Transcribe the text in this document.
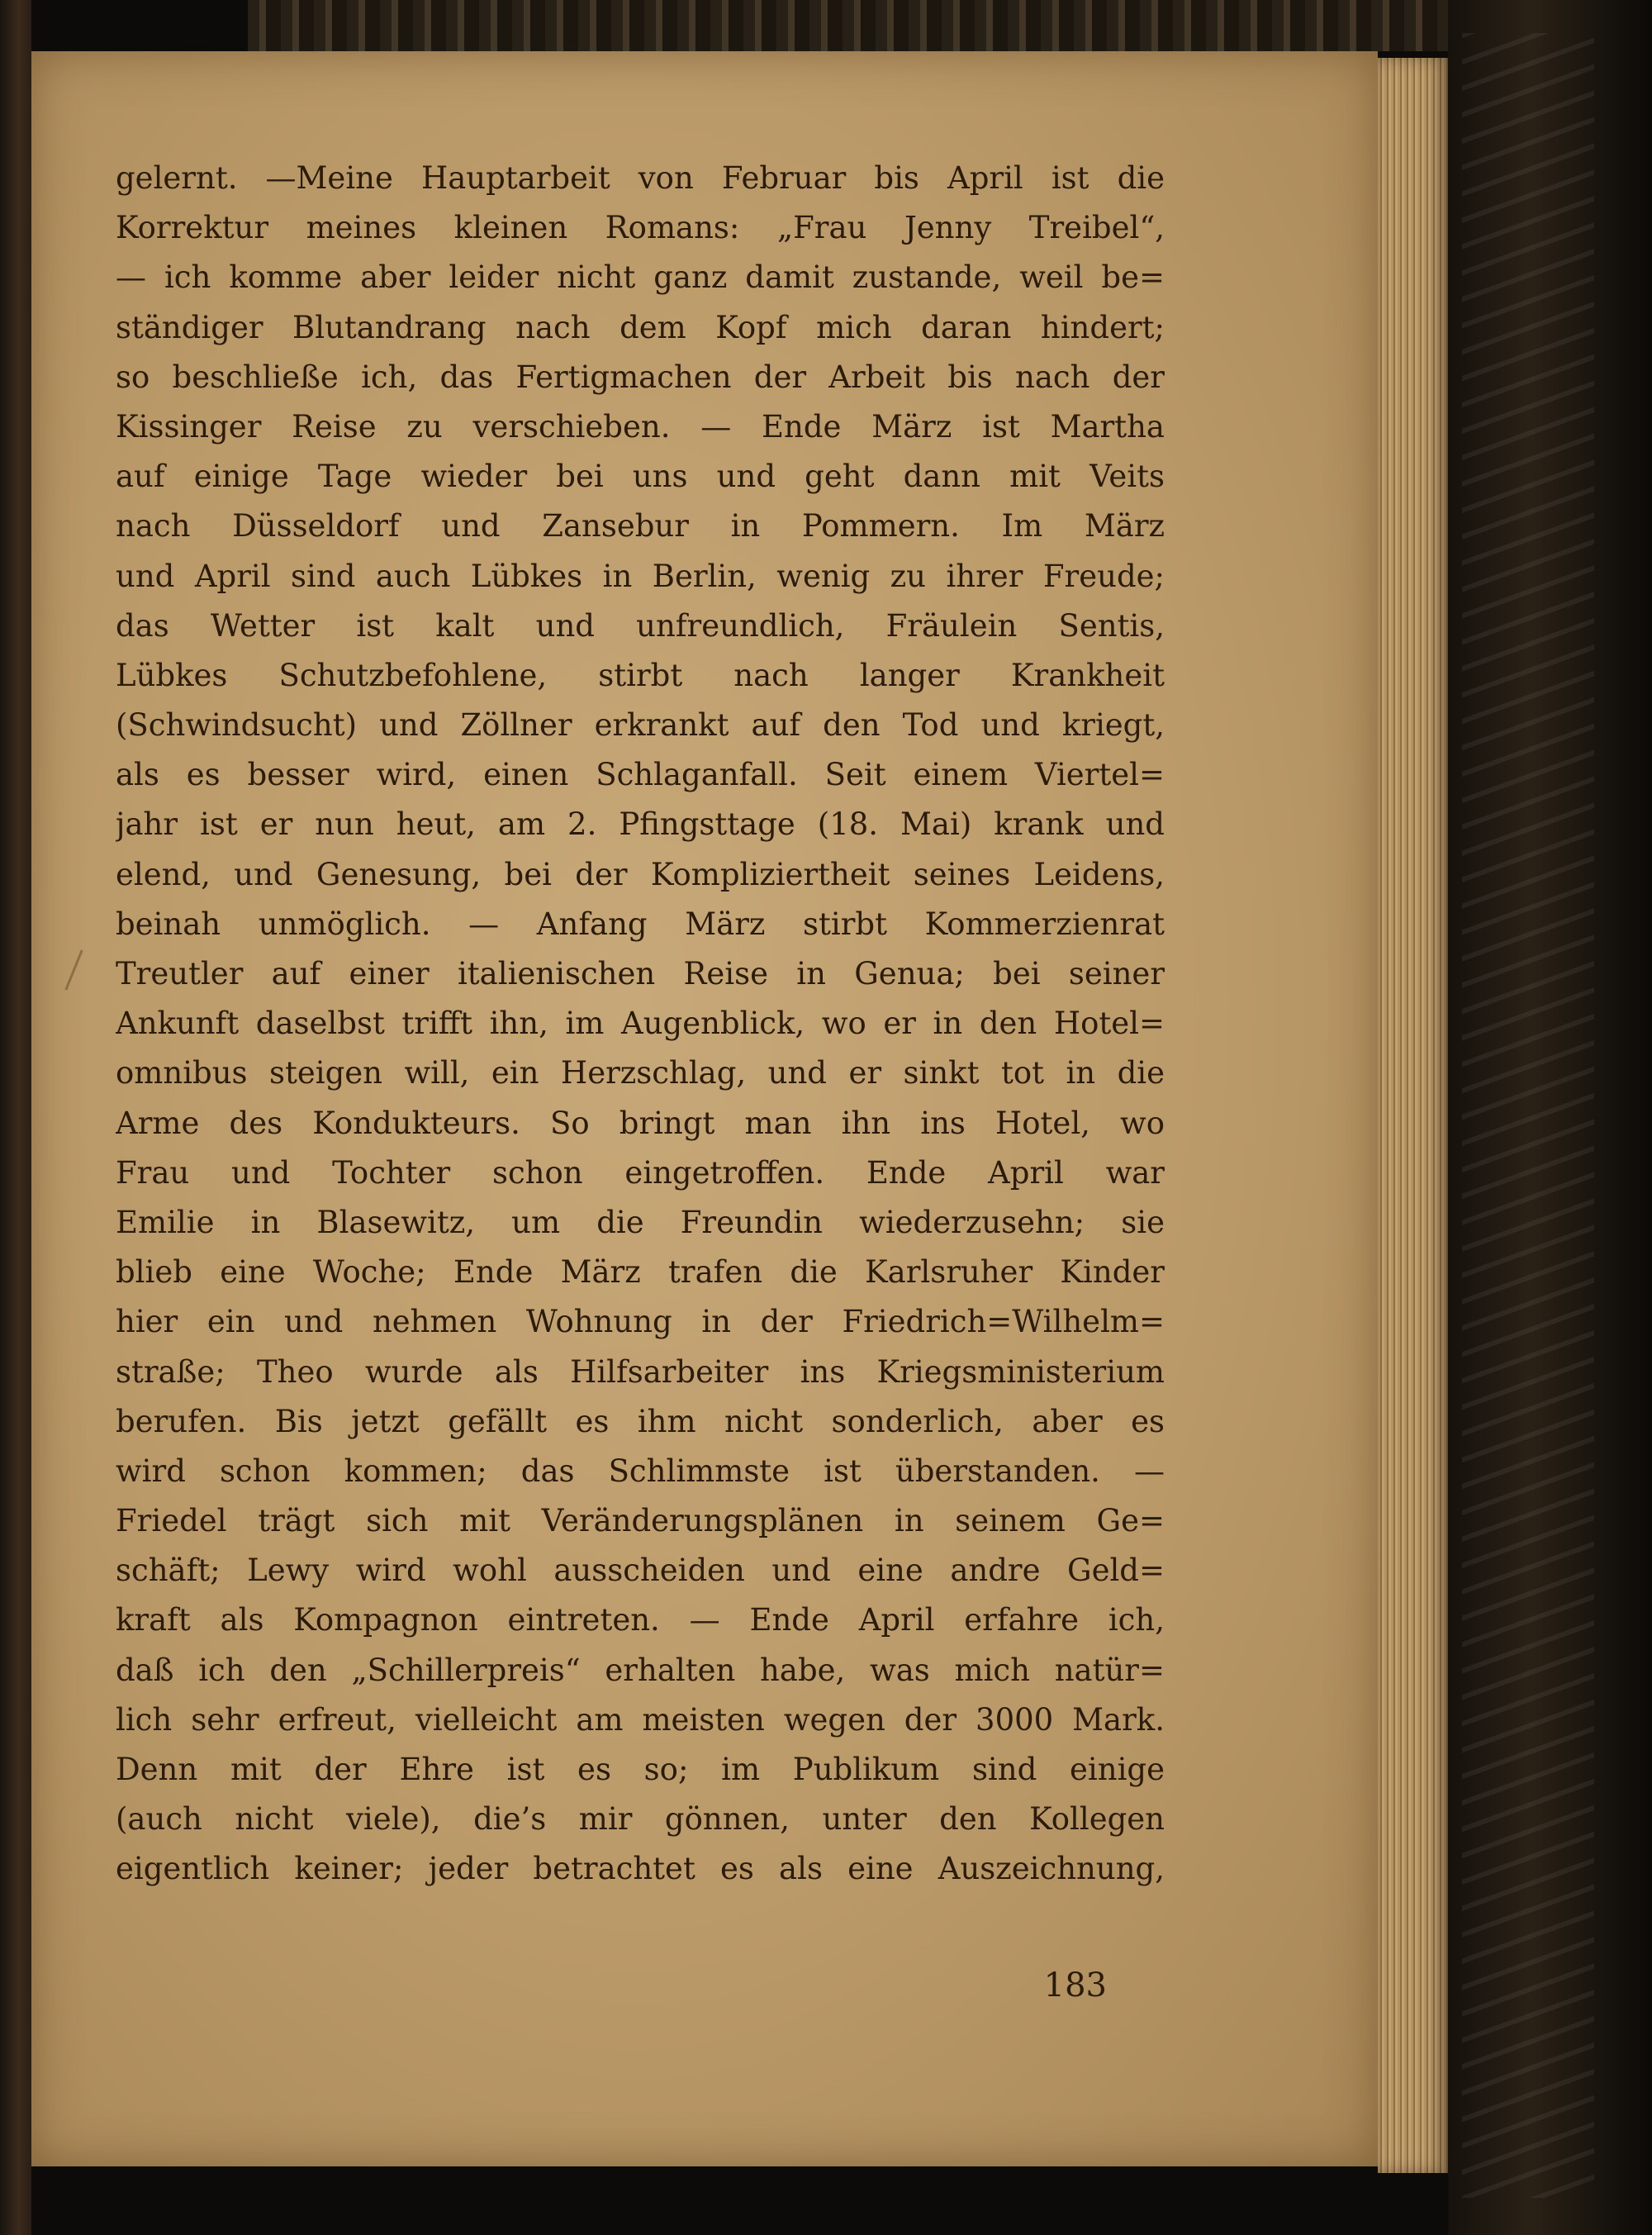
gelernt. —Meine Hauptarbeit von Februar bis April ist die
Korrektur meines kleinen Romans: „Frau Jenny Treibel“,
— ich komme aber leider nicht ganz damit zustande, weil be=
ständiger Blutandrang nach dem Kopf mich daran hindert;
so beschließe ich, das Fertigmachen der Arbeit bis nach der
Kissinger Reise zu verschieben. — Ende März ist Martha
auf einige Tage wieder bei uns und geht dann mit Veits
nach Düsseldorf und Zansebur in Pommern. Im März
und April sind auch Lübkes in Berlin, wenig zu ihrer Freude;
das Wetter ist kalt und unfreundlich, Fräulein Sentis,
Lübkes Schutzbefohlene, stirbt nach langer Krankheit
(Schwindsucht) und Zöllner erkrankt auf den Tod und kriegt,
als es besser wird, einen Schlaganfall. Seit einem Viertel=
jahr ist er nun heut, am 2. Pfingsttage (18. Mai) krank und
elend, und Genesung, bei der Kompliziertheit seines Leidens,
beinah unmöglich. — Anfang März stirbt Kommerzienrat
Treutler auf einer italienischen Reise in Genua; bei seiner
Ankunft daselbst trifft ihn, im Augenblick, wo er in den Hotel=
omnibus steigen will, ein Herzschlag, und er sinkt tot in die
Arme des Kondukteurs. So bringt man ihn ins Hotel, wo
Frau und Tochter schon eingetroffen. Ende April war
Emilie in Blasewitz, um die Freundin wiederzusehn; sie
blieb eine Woche; Ende März trafen die Karlsruher Kinder
hier ein und nehmen Wohnung in der Friedrich=Wilhelm=
straße; Theo wurde als Hilfsarbeiter ins Kriegsministerium
berufen. Bis jetzt gefällt es ihm nicht sonderlich, aber es
wird schon kommen; das Schlimmste ist überstanden. —
Friedel trägt sich mit Veränderungsplänen in seinem Ge=
schäft; Lewy wird wohl ausscheiden und eine andre Geld=
kraft als Kompagnon eintreten. — Ende April erfahre ich,
daß ich den „Schillerpreis“ erhalten habe, was mich natür=
lich sehr erfreut, vielleicht am meisten wegen der 3000 Mark.
Denn mit der Ehre ist es so; im Publikum sind einige
(auch nicht viele), die’s mir gönnen, unter den Kollegen
eigentlich keiner; jeder betrachtet es als eine Auszeichnung,
183
